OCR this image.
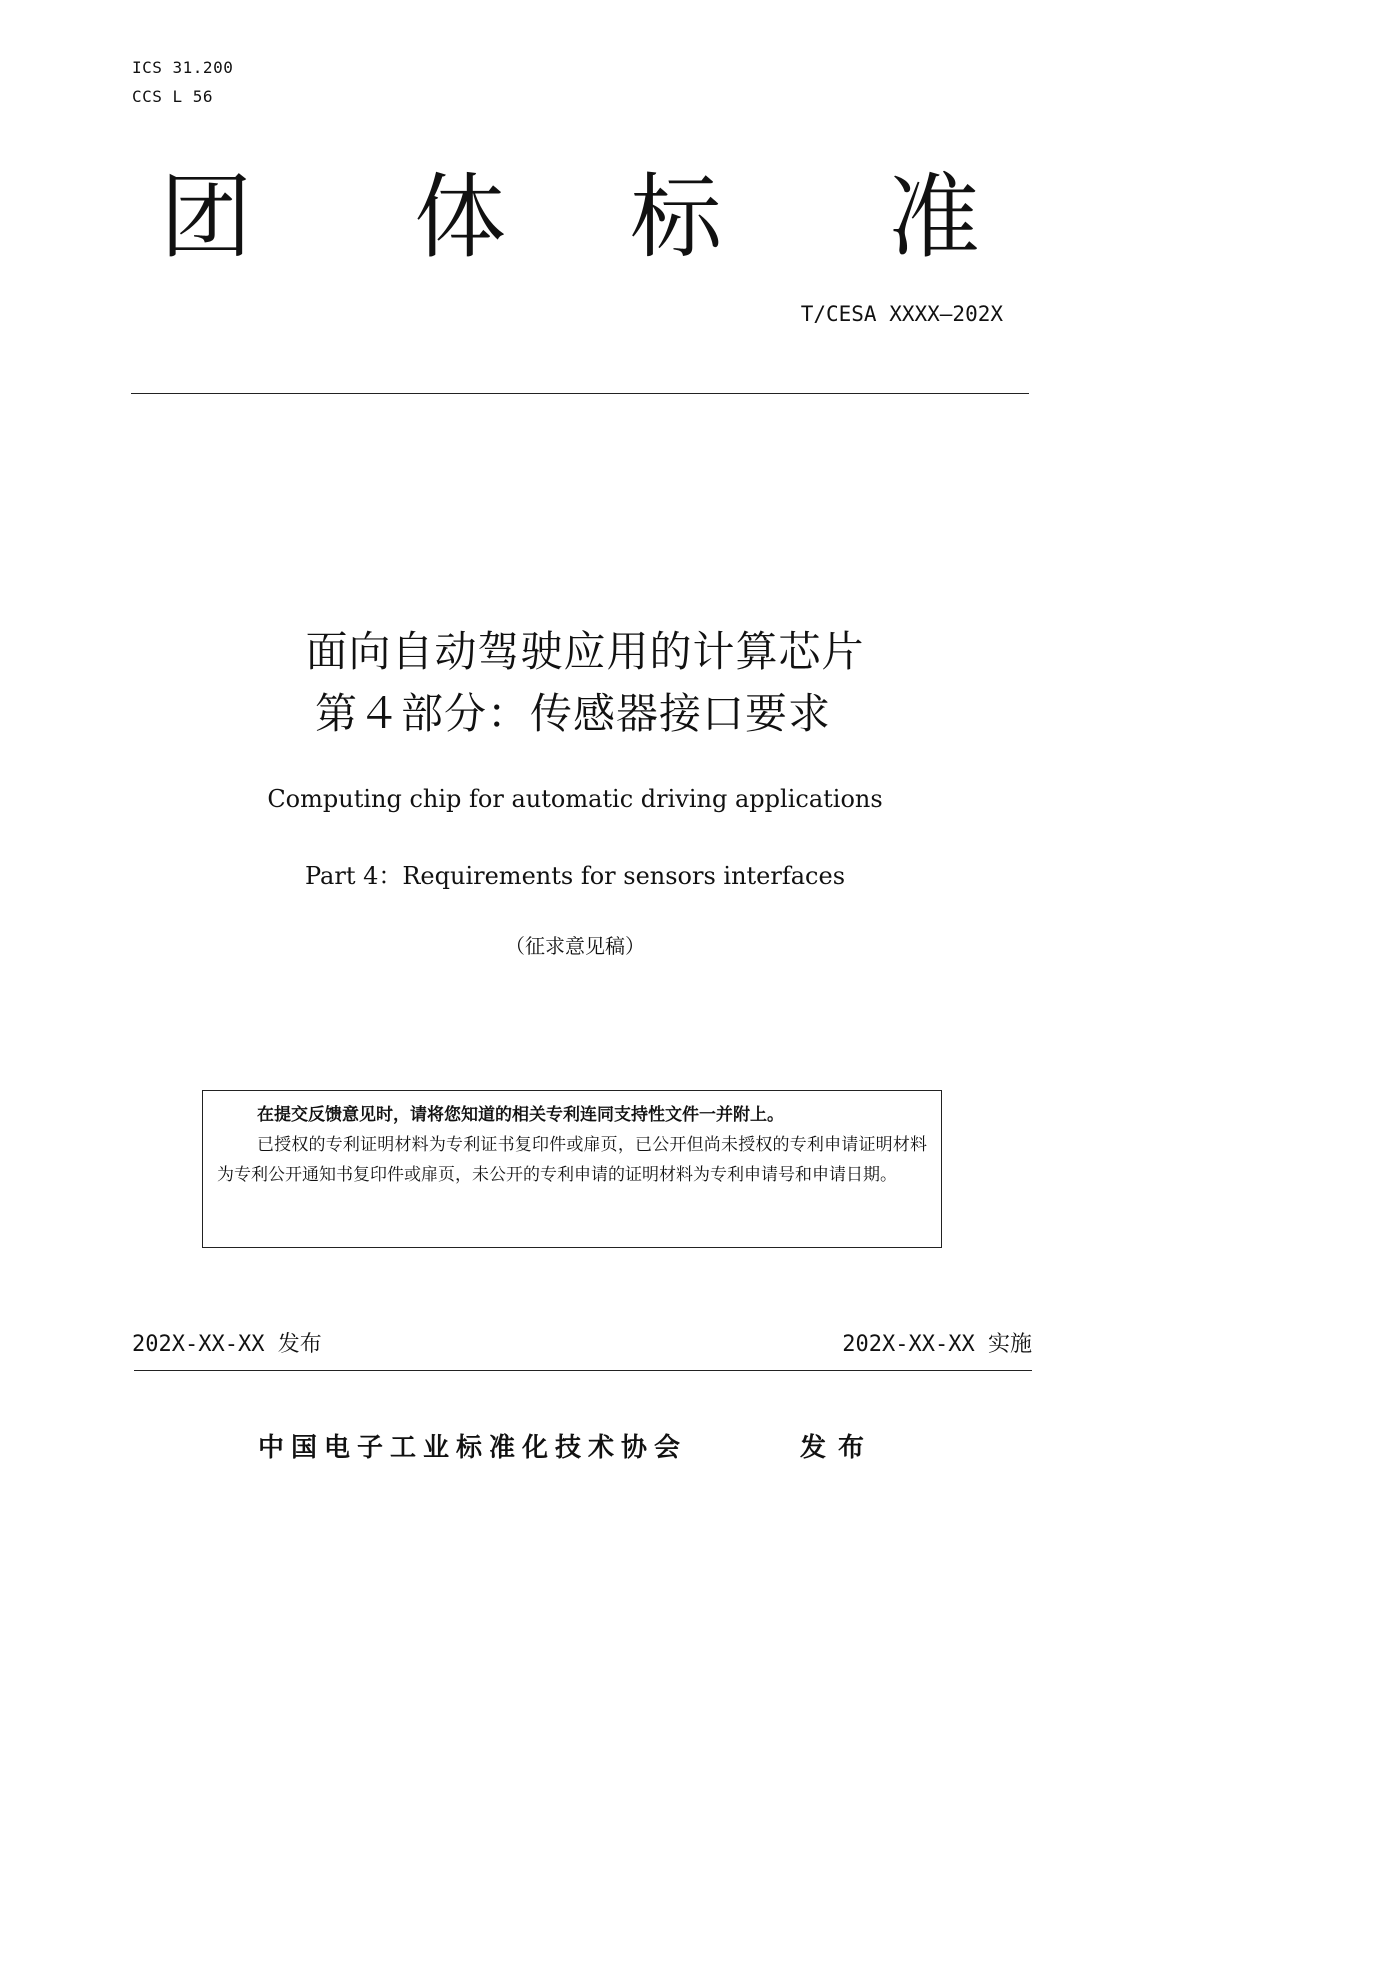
ICS 31.200
CCS L 56
团 体 标 准
T/CESA XXXX—202X
面向自动驾驶应用的计算芯片
第４部分：传感器接口要求
Computing chip for automatic driving applications
Part 4：Requirements for sensors interfaces
（征求意见稿）
在提交反馈意见时，请将您知道的相关专利连同支持性文件一并附上。
已授权的专利证明材料为专利证书复印件或扉页，已公开但尚未授权的专利申请证明材料为专利公开通知书复印件或扉页，未公开的专利申请的证明材料为专利申请号和申请日期。
202X-XX-XX 发布	202X-XX-XX 实施
中国电子工业标准化技术协会	发布
